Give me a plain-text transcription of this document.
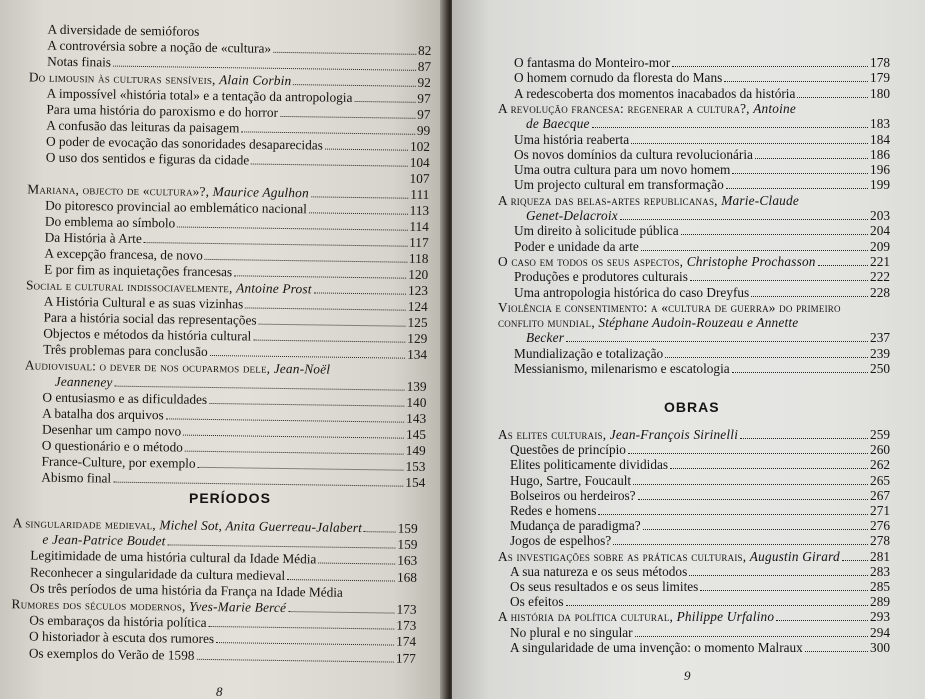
A diversidade de semióforos
A controvérsia sobre a noção de «cultura»	82
Notas finais	87
Do limousin às culturas sensíveis, Alain Corbin	92
A impossível «história total» e a tentação da antropologia	97
Para uma história do paroxismo e do horror	97
A confusão das leituras da paisagem	99
O poder de evocação das sonoridades desaparecidas	102
O uso dos sentidos e figuras da cidade	104
107
Mariana, objecto de «cultura»?, Maurice Agulhon	111
Do pitoresco provincial ao emblemático nacional	113
Do emblema ao símbolo	114
Da História à Arte	117
A excepção francesa, de novo	118
E por fim as inquietações francesas	120
Social e cultural indissociavelmente, Antoine Prost	123
A História Cultural e as suas vizinhas	124
Para a história social das representações	125
Objectos e métodos da história cultural	129
Três problemas para conclusão	134
Audiovisual: o dever de nos ocuparmos dele, Jean-Noël
Jeanneney	139
O entusiasmo e as dificuldades	140
A batalha dos arquivos	143
Desenhar um campo novo	145
O questionário e o método	149
France-Culture, por exemplo	153
Abismo final	154
PERÍODOS
A singularidade medieval, Michel Sot, Anita Guerreau-Jalabert	159
e Jean-Patrice Boudet	159
Legitimidade de uma história cultural da Idade Média	163
Reconhecer a singularidade da cultura medieval	168
Os três períodos de uma história da França na Idade Média
Rumores dos séculos modernos, Yves-Marie Bercé	173
Os embaraços da história política	173
O historiador à escuta dos rumores	174
Os exemplos do Verão de 1598	177
8
O fantasma do Monteiro-mor	178
O homem cornudo da floresta do Mans	179
A redescoberta dos momentos inacabados da história	180
A revolução francesa: regenerar a cultura?, Antoine
de Baecque	183
Uma história reaberta	184
Os novos domínios da cultura revolucionária	186
Uma outra cultura para um novo homem	196
Um projecto cultural em transformação	199
A riqueza das belas-artes republicanas, Marie-Claude
Genet-Delacroix	203
Um direito à solicitude pública	204
Poder e unidade da arte	209
O caso em todos os seus aspectos, Christophe Prochasson	221
Produções e produtores culturais	222
Uma antropologia histórica do caso Dreyfus	228
Violência e consentimento: a «cultura de guerra» do primeiro
conflito mundial, Stéphane Audoin-Rouzeau e Annette
Becker	237
Mundialização e totalização	239
Messianismo, milenarismo e escatologia	250
OBRAS
As elites culturais, Jean-François Sirinelli	259
Questões de princípio	260
Elites politicamente divididas	262
Hugo, Sartre, Foucault	265
Bolseiros ou herdeiros?	267
Redes e homens	271
Mudança de paradigma?	276
Jogos de espelhos?	278
As investigações sobre as práticas culturais, Augustin Girard 281
A sua natureza e os seus métodos	283
Os seus resultados e os seus limites	285
Os efeitos	289
A história da política cultural, Philippe Urfalino	293
No plural e no singular	294
A singularidade de uma invenção: o momento Malraux	300
9
